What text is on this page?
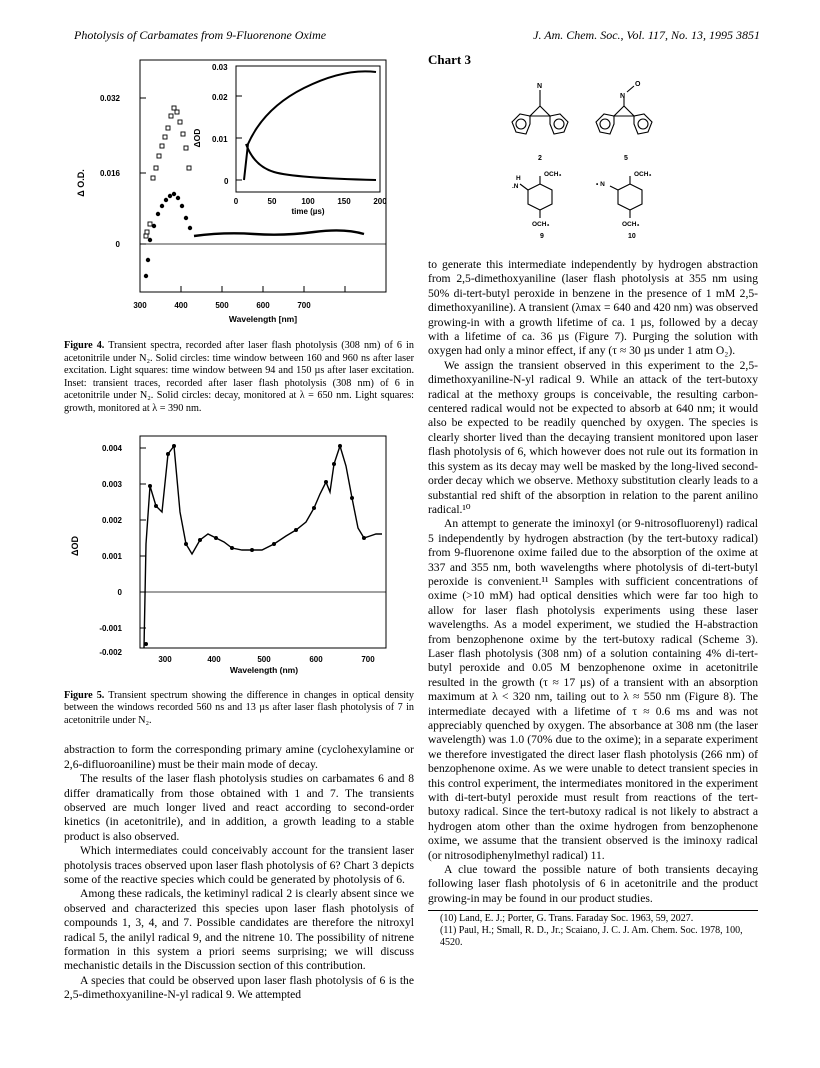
Photolysis of Carbamates from 9-Fluorenone Oxime	J. Am. Chem. Soc., Vol. 117, No. 13, 1995 3851
0.032
0.016
0
Δ O.D.
300	400	500	600	700
Wavelength [nm]
0.03
0.02
0.01
0
ΔOD
0	50	100	150	200
time (µs)

Figure 4. Transient spectra, recorded after laser flash photolysis (308 nm) of 6 in acetonitrile under N₂. Solid circles: time window between 160 and 960 ns after laser excitation. Light squares: time window between 94 and 150 µs after laser excitation. Inset: transient traces, recorded after laser flash photolysis (308 nm) of 6 in acetonitrile under N₂. Solid circles: decay, monitored at λ = 650 nm. Light squares: growth, monitored at λ = 390 nm.

0.004
0.003
0.002
0.001
0
-0.001
-0.002
ΔOD
300	400	500	600	700
Wavelength (nm)

Figure 5. Transient spectrum showing the difference in changes in optical density between the windows recorded 560 ns and 13 µs after laser flash photolysis of 7 in acetonitrile under N₂.

abstraction to form the corresponding primary amine (cyclohexylamine or 2,6-difluoroaniline) must be their main mode of decay.

The results of the laser flash photolysis studies on carbamates 6 and 8 differ dramatically from those obtained with 1 and 7. The transients observed are much longer lived and react according to second-order kinetics (in acetonitrile), and in addition, a growth leading to a stable product is also observed.

Which intermediates could conceivably account for the transient laser photolysis traces observed upon laser flash photolysis of 6? Chart 3 depicts some of the reactive species which could be generated by photolysis of 6.

Among these radicals, the ketiminyl radical 2 is clearly absent since we observed and characterized this species upon laser flash photolysis of compounds 1, 3, 4, and 7. Possible candidates are therefore the nitroxyl radical 5, the anilyl radical 9, and the nitrene 10. The possibility of nitrene formation in this system a priori seems surprising; we will discuss mechanistic details in the Discussion section of this contribution.

A species that could be observed upon laser flash photolysis of 6 is the 2,5-dimethoxyaniline-N-yl radical 9. We attempted

Chart 3
N
2
N
O
5
H
.N
OCH₃
OCH₃
9
• N
OCH₃
OCH₃
10

to generate this intermediate independently by hydrogen abstraction from 2,5-dimethoxyaniline (laser flash photolysis at 355 nm using 50% di-tert-butyl peroxide in benzene in the presence of 1 mM 2,5-dimethoxyaniline). A transient (λmax = 640 and 420 nm) was observed growing-in with a growth lifetime of ca. 1 µs, followed by a decay with a lifetime of ca. 36 µs (Figure 7). Purging the solution with oxygen had only a minor effect, if any (τ ≈ 30 µs under 1 atm O₂).

We assign the transient observed in this experiment to the 2,5-dimethoxyaniline-N-yl radical 9. While an attack of the tert-butoxy radical at the methoxy groups is conceivable, the resulting carbon-centered radical would not be expected to absorb at 640 nm; it would also be expected to be readily quenched by oxygen. The species is clearly shorter lived than the decaying transient monitored upon laser flash photolysis of 6, which however does not rule out its formation in this system as its decay may well be masked by the long-lived second-order decay which we observe. Methoxy substitution clearly leads to a substantial red shift of the absorption in relation to the parent anilino radical.¹⁰

An attempt to generate the iminoxyl (or 9-nitrosofluorenyl) radical 5 independently by hydrogen abstraction (by the tert-butoxy radical) from 9-fluorenone oxime failed due to the absorption of the oxime at 337 and 355 nm, both wavelengths where photolysis of di-tert-butyl peroxide is convenient.¹¹ Samples with sufficient concentrations of oxime (>10 mM) had optical densities which were far too high to allow for laser flash photolysis experiments using these laser wavelengths. As a model experiment, we studied the H-abstraction from benzophenone oxime by the tert-butoxy radical (Scheme 3). Laser flash photolysis (308 nm) of a solution containing 4% di-tert-butyl peroxide and 0.05 M benzophenone oxime in acetonitrile resulted in the growth (τ ≈ 17 µs) of a transient with an absorption maximum at λ < 320 nm, tailing out to λ ≈ 550 nm (Figure 8). The intermediate decayed with a lifetime of τ ≈ 0.6 ms and was not appreciably quenched by oxygen. The absorbance at 308 nm (the laser wavelength) was 1.0 (70% due to the oxime); in a separate experiment we therefore investigated the direct laser flash photolysis (266 nm) of benzophenone oxime. As we were unable to detect transient species in this control experiment, the intermediates monitored in the experiment with di-tert-butyl peroxide must result from reactions of the tert-butoxy radical. Since the tert-butoxy radical is not likely to abstract a hydrogen atom other than the oxime hydrogen from benzophenone oxime, we assume that the transient observed is the iminoxy radical (or nitrosodiphenylmethyl radical) 11.

A clue toward the possible nature of both transients decaying following laser flash photolysis of 6 in acetonitrile and the product growing-in may be found in our product studies.

(10) Land, E. J.; Porter, G. Trans. Faraday Soc. 1963, 59, 2027.

(11) Paul, H.; Small, R. D., Jr.; Scaiano, J. C. J. Am. Chem. Soc. 1978, 100, 4520.
